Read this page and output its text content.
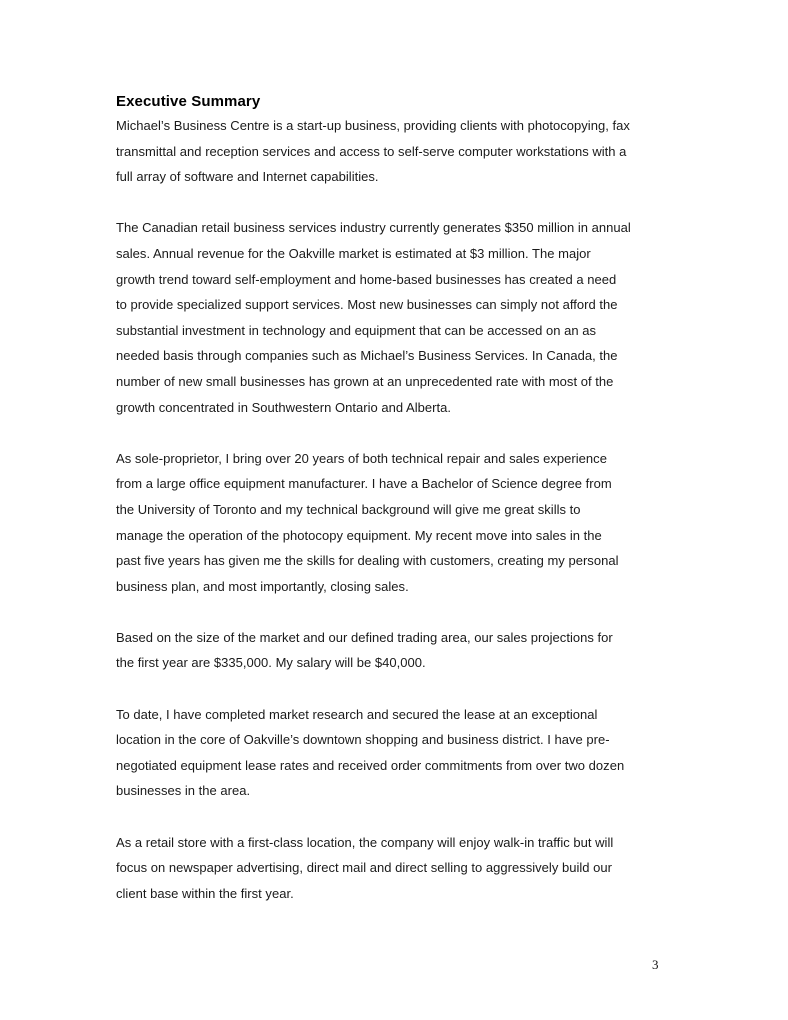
Executive Summary

Michael’s Business Centre is a start-up business, providing clients with photocopying, fax
transmittal and reception services and access to self-serve computer workstations with a
full array of software and Internet capabilities.

The Canadian retail business services industry currently generates $350 million in annual
sales. Annual revenue for the Oakville market is estimated at $3 million. The major
growth trend toward self-employment and home-based businesses has created a need
to provide specialized support services. Most new businesses can simply not afford the
substantial investment in technology and equipment that can be accessed on an as
needed basis through companies such as Michael’s Business Services. In Canada, the
number of new small businesses has grown at an unprecedented rate with most of the
growth concentrated in Southwestern Ontario and Alberta.

As sole-proprietor, I bring over 20 years of both technical repair and sales experience
from a large office equipment manufacturer. I have a Bachelor of Science degree from
the University of Toronto and my technical background will give me great skills to
manage the operation of the photocopy equipment. My recent move into sales in the
past five years has given me the skills for dealing with customers, creating my personal
business plan, and most importantly, closing sales.

Based on the size of the market and our defined trading area, our sales projections for
the first year are $335,000. My salary will be $40,000.

To date, I have completed market research and secured the lease at an exceptional
location in the core of Oakville’s downtown shopping and business district. I have pre-
negotiated equipment lease rates and received order commitments from over two dozen
businesses in the area.

As a retail store with a first-class location, the company will enjoy walk-in traffic but will
focus on newspaper advertising, direct mail and direct selling to aggressively build our
client base within the first year.

3
